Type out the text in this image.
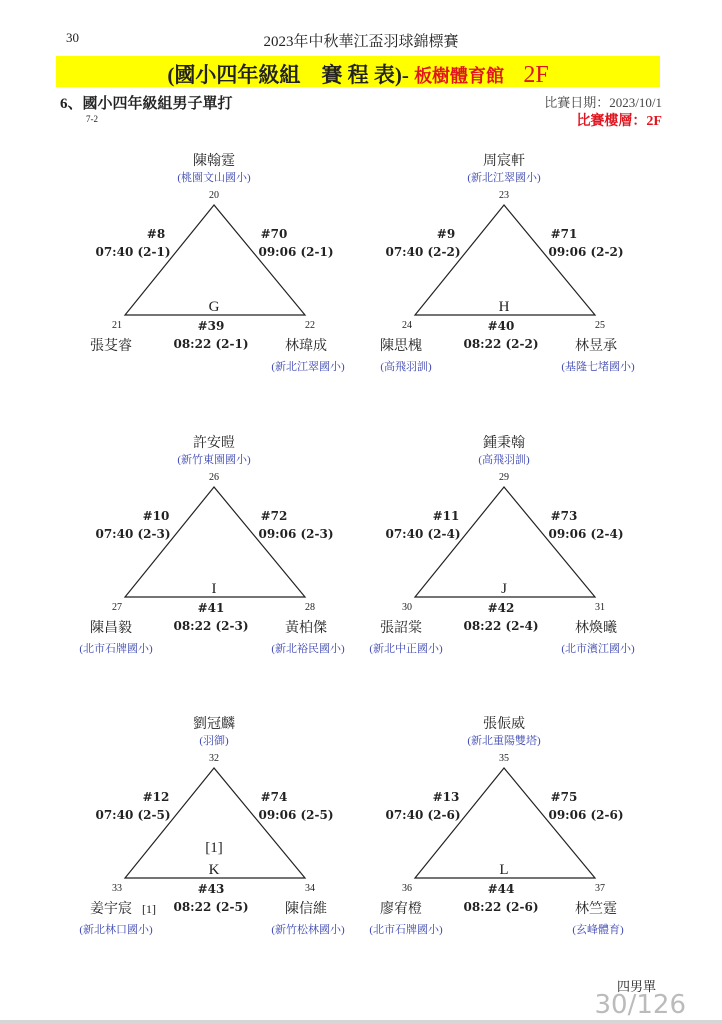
30	2023年中秋華江盃羽球錦標賽
(國小四年級組　賽 程 表)- 板樹體育館 2F
6、國小四年級組男子單打
7-2
比賽日期：2023/10/1
比賽樓層：2F
陳翰霆
(桃園文山國小)
20
#8
07:40 (2-1)
#70
09:06 (2-1)
G
#39
08:22 (2-1)
21
張芟睿
22
林瑋成
(新北江翠國小)
周宸軒
(新北江翠國小)
23
#9
07:40 (2-2)
#71
09:06 (2-2)
H
#40
08:22 (2-2)
24
陳思槐
(高飛羽訓)
25
林昱承
(基隆七堵國小)
許安暟
(新竹東園國小)
26
#10
07:40 (2-3)
#72
09:06 (2-3)
I
#41
08:22 (2-3)
27
陳昌毅
(北市石牌國小)
28
黃柏傑
(新北裕民國小)
鍾秉翰
(高飛羽訓)
29
#11
07:40 (2-4)
#73
09:06 (2-4)
J
#42
08:22 (2-4)
30
張詔棠
(新北中正國小)
31
林煥曦
(北市濱江國小)
劉冠麟
(羽御)
32
#12
07:40 (2-5)
#74
09:06 (2-5)
[1]
K
#43
08:22 (2-5)
33
姜宇宸 [1]
(新北林口國小)
34
陳信維
(新竹松林國小)
張侲威
(新北重陽雙塔)
35
#13
07:40 (2-6)
#75
09:06 (2-6)
L
#44
08:22 (2-6)
36
廖宥橙
(北市石牌國小)
37
林竺霆
(玄峰體育)
四男單
30/126
